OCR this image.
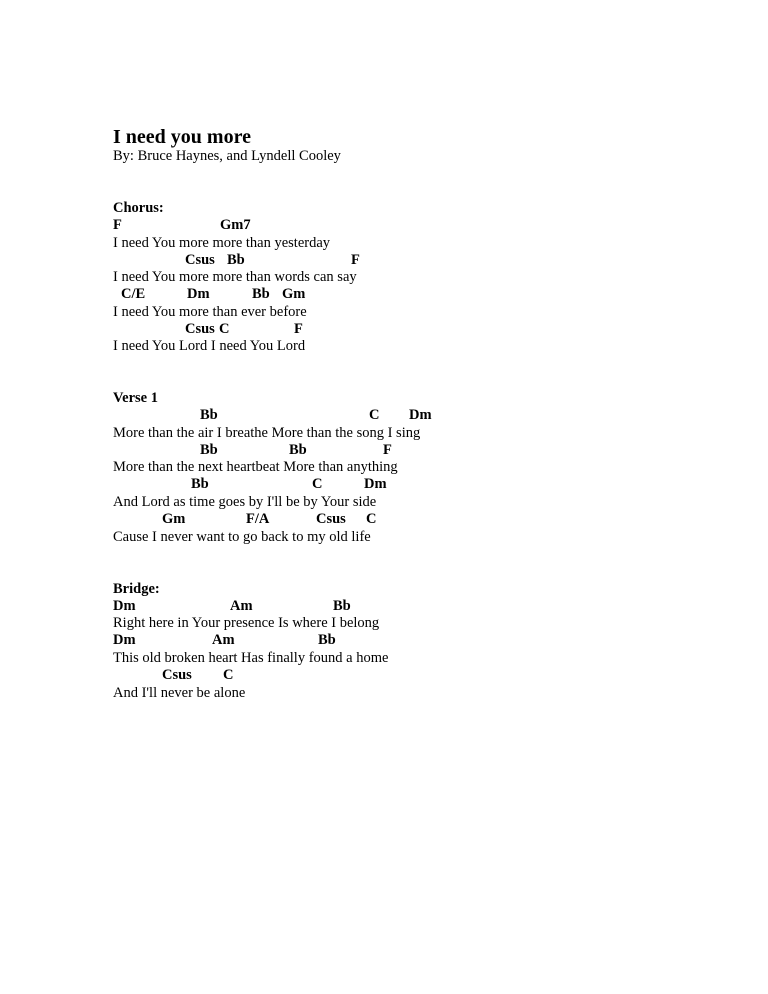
I need you more
By: Bruce Haynes, and Lyndell Cooley
Chorus:

F

	Gm7

I need You more more than yesterday

Csus

Bb

	F

I need You more more than words can say

C/E

	Dm

	Bb

Gm

I need You more than ever before

Csus

C

	F

I need You Lord I need You Lord
Verse 1

Bb

	C

Dm

More than the air I breathe More than the song I sing

Bb

	Bb

	F

More than the next heartbeat More than anything

Bb

	C

	Dm

And Lord as time goes by I'll be by Your side

Gm

	F/A

	Csus

C

Cause I never want to go back to my old life
Bridge:

Dm

	Am

	Bb

Right here in Your presence Is where I belong

Dm

	Am

	Bb

This old broken heart Has finally found a home

Csus

C

And I'll never be alone
